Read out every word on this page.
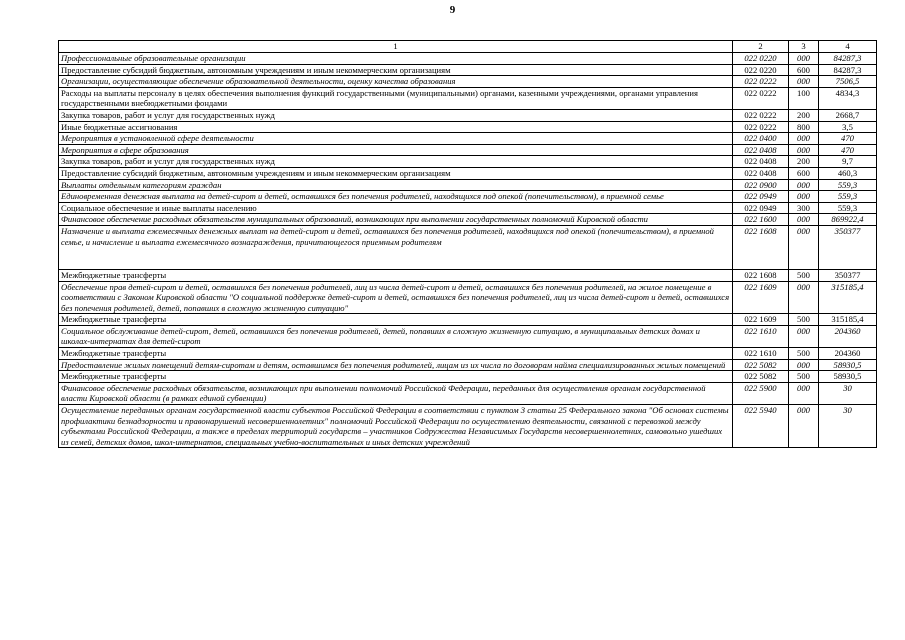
9
1	2	3	4
Профессиональные образовательные организации	022 0220	000	84287,3
Предоставление субсидий бюджетным, автономным учреждениям и иным некоммерческим организациям	022 0220	600	84287,3
Организации, осуществляющие обеспечение образовательной деятельности, оценку качества образования	022 0222	000	7506,5
Расходы на выплаты персоналу в целях обеспечения выполнения функций государственными (муниципальными) органами, казенными учреждениями, органами управления государственными внебюджетными фондами	022 0222	100	4834,3
Закупка товаров, работ и услуг для государственных нужд	022 0222	200	2668,7
Иные бюджетные ассигнования	022 0222	800	3,5
Мероприятия в установленной сфере деятельности	022 0400	000	470
Мероприятия в сфере образования	022 0408	000	470
Закупка товаров, работ и услуг для государственных нужд	022 0408	200	9,7
Предоставление субсидий бюджетным, автономным учреждениям и иным некоммерческим организациям	022 0408	600	460,3
Выплаты отдельным категориям граждан	022 0900	000	559,3
Единовременная денежная выплата на детей-сирот и детей, оставшихся без попечения родителей, находящихся под опекой (попечительством), в приемной семье	022 0949	000	559,3
Социальное обеспечение и иные выплаты населению	022 0949	300	559,3
Финансовое обеспечение расходных обязательств муниципальных образований, возникающих при выполнении государственных полномочий Кировской области	022 1600	000	869922,4
Назначение и выплата ежемесячных денежных выплат на детей-сирот и детей, оставшихся без попечения родителей, находящихся под опекой (попечительством), в приемной семье, и начисление и выплата ежемесячного вознаграждения, причитающегося приемным родителям	022 1608	000	350377
Межбюджетные трансферты	022 1608	500	350377
Обеспечение прав детей-сирот и детей, оставшихся без попечения родителей, лиц из числа детей-сирот и детей, оставшихся без попечения родителей, на жилое помещение в соответствии с Законом Кировской области "О социальной поддержке детей-сирот и детей, оставшихся без попечения родителей, лиц из числа детей-сирот и детей, оставшихся без попечения родителей, детей, попавших в сложную жизненную ситуацию"	022 1609	000	315185,4
Межбюджетные трансферты	022 1609	500	315185,4
Социальное обслуживание детей-сирот, детей, оставшихся без попечения родителей, детей, попавших в сложную жизненную ситуацию, в муниципальных детских домах и школах-интернатах для детей-сирот	022 1610	000	204360
Межбюджетные трансферты	022 1610	500	204360
Предоставление жилых помещений детям-сиротам и детям, оставшимся без попечения родителей, лицам из их числа по договорам найма специализированных жилых помещений	022 5082	000	58930,5
Межбюджетные трансферты	022 5082	500	58930,5
Финансовое обеспечение расходных обязательств, возникающих при выполнении полномочий Российской Федерации, переданных для осуществления органам государственной власти Кировской области (в рамках единой субвенции)	022 5900	000	30
Осуществление переданных органам государственной власти субъектов Российской Федерации в соответствии с пунктом 3 статьи 25 Федерального закона "Об основах системы профилактики безнадзорности и правонарушений несовершеннолетних" полномочий Российской Федерации по осуществлению деятельности, связанной с перевозкой между субъектами Российской Федерации, а также в пределах территорий государств – участников Содружества Независимых Государств несовершеннолетних, самовольно ушедших из семей, детских домов, школ-интернатов, специальных учебно-воспитательных и иных детских учреждений	022 5940	000	30
